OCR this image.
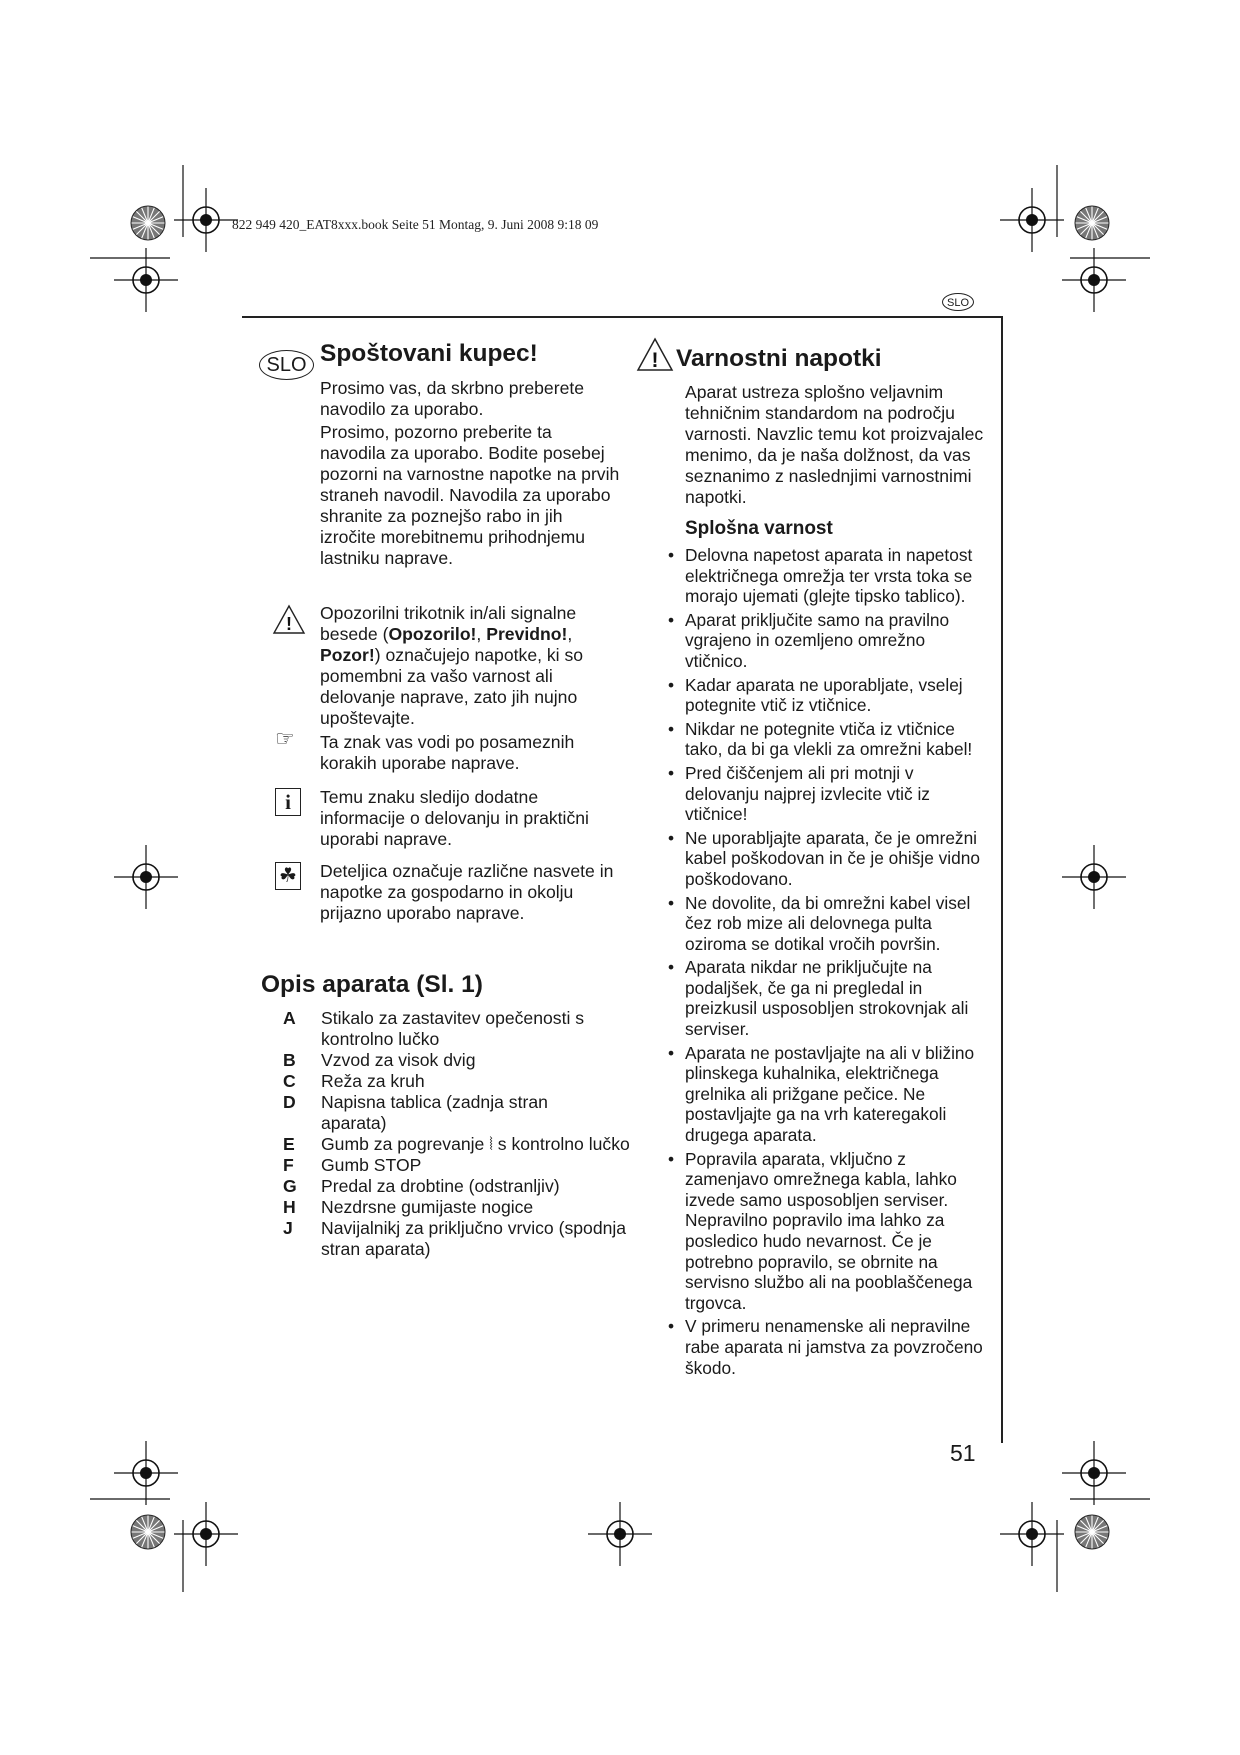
822 949 420_EAT8xxx.book Seite 51 Montag, 9. Juni 2008 9:18 09
SLO
SLO Spoštovani kupec!
Prosimo vas, da skrbno preberete navodilo za uporabo.
Prosimo, pozorno preberite ta navodila za uporabo. Bodite posebej pozorni na varnostne napotke na prvih straneh navodil. Navodila za uporabo shranite za poznejšo rabo in jih izročite morebitnemu prihodnjemu lastniku naprave.
!
Opozorilni trikotnik in/ali signalne besede (Opozorilo!, Previdno!, Pozor!) označujejo napotke, ki so pomembni za vašo varnost ali delovanje naprave, zato jih nujno upoštevajte.
☞ Ta znak vas vodi po posameznih korakih uporabe naprave.
i	Temu znaku sledijo dodatne informacije o delovanju in praktični uporabi naprave.
☘ Deteljica označuje različne nasvete in napotke za gospodarno in okolju prijazno uporabo naprave.
Opis aparata (Sl. 1)
A	Stikalo za zastavitev opečenosti s kontrolno lučko
B	Vzvod za visok dvig
C	Reža za kruh
D	Napisna tablica (zadnja stran aparata)
E	Gumb za pogrevanje ⦚ s kontrolno lučko
F	Gumb STOP
G	Predal za drobtine (odstranljiv)
H	Nezdrsne gumijaste nogice
J	Navijalnikj za priključno vrvico (spodnja stran aparata)
! Varnostni napotki
Aparat ustreza splošno veljavnim tehničnim standardom na področju varnosti. Navzlic temu kot proizvajalec menimo, da je naša dolžnost, da vas seznanimo z naslednjimi varnostnimi napotki.
Splošna varnost
• Delovna napetost aparata in napetost električnega omrežja ter vrsta toka se morajo ujemati (glejte tipsko tablico).
• Aparat priključite samo na pravilno vgrajeno in ozemljeno omrežno vtičnico.
• Kadar aparata ne uporabljate, vselej potegnite vtič iz vtičnice.
• Nikdar ne potegnite vtiča iz vtičnice tako, da bi ga vlekli za omrežni kabel!
• Pred čiščenjem ali pri motnji v delovanju najprej izvlecite vtič iz vtičnice!
• Ne uporabljajte aparata, če je omrežni kabel poškodovan in če je ohišje vidno poškodovano.
• Ne dovolite, da bi omrežni kabel visel čez rob mize ali delovnega pulta oziroma se dotikal vročih površin.
• Aparata nikdar ne priključujte na podaljšek, če ga ni pregledal in preizkusil usposobljen strokovnjak ali serviser.
• Aparata ne postavljajte na ali v bližino plinskega kuhalnika, električnega grelnika ali prižgane pečice. Ne postavljajte ga na vrh kateregakoli drugega aparata.
• Popravila aparata, vključno z zamenjavo omrežnega kabla, lahko izvede samo usposobljen serviser. Nepravilno popravilo ima lahko za posledico hudo nevarnost. Če je potrebno popravilo, se obrnite na servisno službo ali na pooblaščenega trgovca.
• V primeru nenamenske ali nepravilne rabe aparata ni jamstva za povzročeno škodo.
51
